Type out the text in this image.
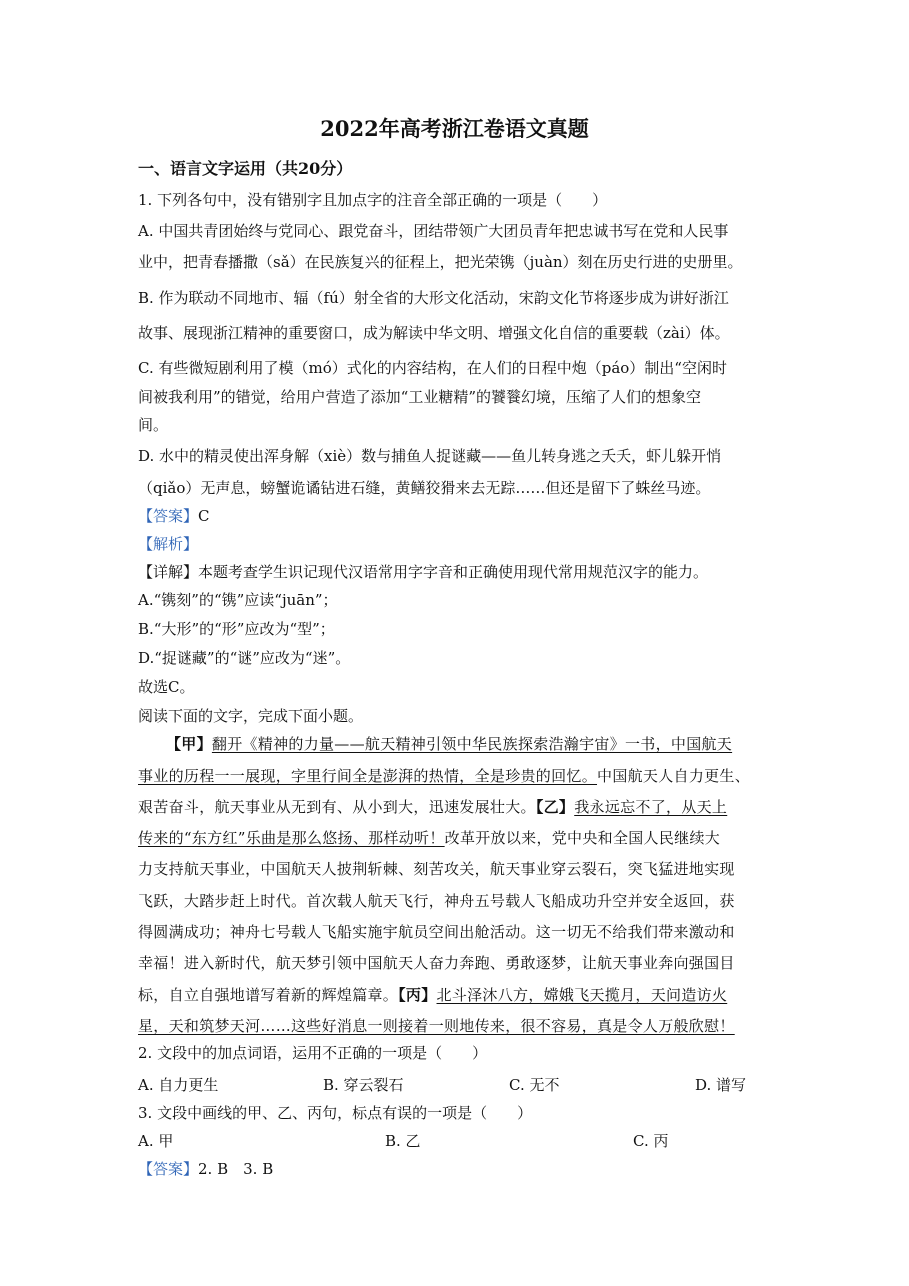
2022年高考浙江卷语文真题
一、语言文字运用（共20分）
1. 下列各句中，没有错别字且加点字的注音全部正确的一项是（　　）
A. 中国共青团始终与党同心、跟党奋斗，团结带领广大团员青年把忠诚书写在党和人民事
业中，把青春播撒（sǎ）在民族复兴的征程上，把光荣镌（juàn）刻在历史行进的史册里。
B. 作为联动不同地市、辐（fú）射全省的大形文化活动，宋韵文化节将逐步成为讲好浙江
故事、展现浙江精神的重要窗口，成为解读中华文明、增强文化自信的重要载（zài）体。
C. 有些微短剧利用了模（mó）式化的内容结构，在人们的日程中炮（páo）制出“空闲时
间被我利用”的错觉，给用户营造了添加“工业糖精”的饕餮幻境，压缩了人们的想象空
间。
D. 水中的精灵使出浑身解（xiè）数与捕鱼人捉谜藏——鱼儿转身逃之夭夭，虾儿躲开悄
（qiǎo）无声息，螃蟹诡谲钻进石缝，黄鳝狡猾来去无踪……但还是留下了蛛丝马迹。
【答案】C
【解析】
【详解】本题考查学生识记现代汉语常用字字音和正确使用现代常用规范汉字的能力。
A.“镌刻”的“镌”应读“juān”；
B.“大形”的“形”应改为“型”；
D.“捉谜藏”的“谜”应改为“迷”。
故选C。
阅读下面的文字，完成下面小题。
【甲】翻开《精神的力量——航天精神引领中华民族探索浩瀚宇宙》一书，中国航天
事业的历程一一展现，字里行间全是澎湃的热情，全是珍贵的回忆。中国航天人自力更生、
艰苦奋斗，航天事业从无到有、从小到大，迅速发展壮大。【乙】我永远忘不了，从天上
传来的“东方红”乐曲是那么悠扬、那样动听！改革开放以来，党中央和全国人民继续大
力支持航天事业，中国航天人披荆斩棘、刻苦攻关，航天事业穿云裂石，突飞猛进地实现
飞跃，大踏步赶上时代。首次载人航天飞行，神舟五号载人飞船成功升空并安全返回，获
得圆满成功；神舟七号载人飞船实施宇航员空间出舱活动。这一切无不给我们带来激动和
幸福！进入新时代，航天梦引领中国航天人奋力奔跑、勇敢逐梦，让航天事业奔向强国目
标，自立自强地谱写着新的辉煌篇章。【丙】北斗泽沐八方，嫦娥飞天揽月，天问造访火
星，天和筑梦天河……这些好消息一则接着一则地传来，很不容易，真是令人万般欣慰！
2. 文段中的加点词语，运用不正确的一项是（　　）
A. 自力更生	B. 穿云裂石	C. 无不	D. 谱写
3. 文段中画线的甲、乙、丙句，标点有误的一项是（　　）
A. 甲	B. 乙	C. 丙
【答案】2. B　3. B
